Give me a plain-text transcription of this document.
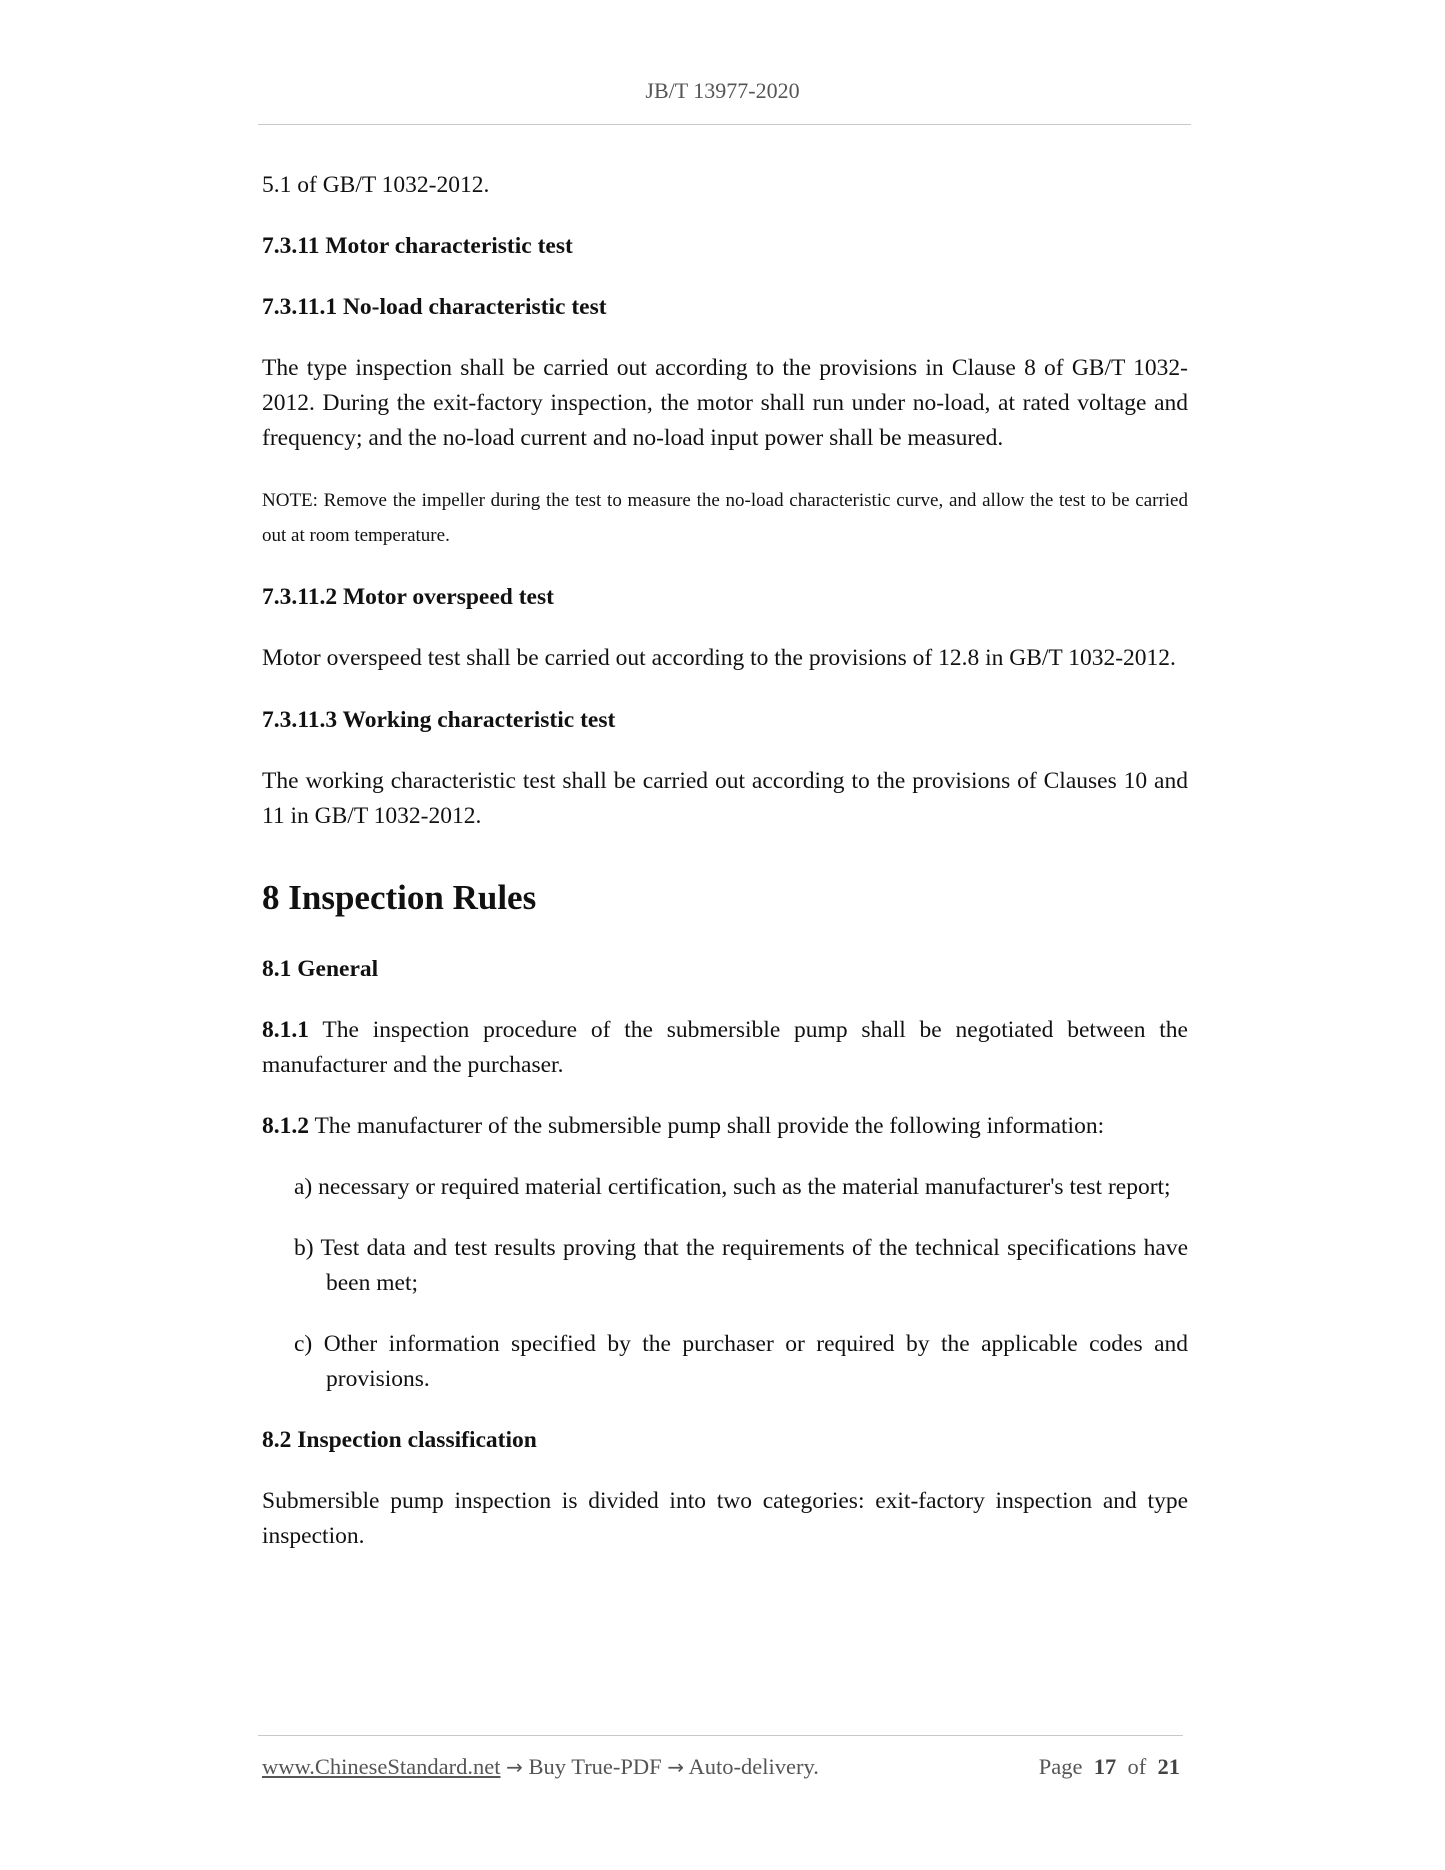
JB/T 13977-2020

5.1 of GB/T 1032-2012.

7.3.11 Motor characteristic test
7.3.11.1 No-load characteristic test

The type inspection shall be carried out according to the provisions in Clause 8 of GB/T 1032-2012. During the exit-factory inspection, the motor shall run under no-load, at rated voltage and frequency; and the no-load current and no-load input power shall be measured.

NOTE: Remove the impeller during the test to measure the no-load characteristic curve, and allow the test to be carried out at room temperature.

7.3.11.2 Motor overspeed test

Motor overspeed test shall be carried out according to the provisions of 12.8 in GB/T 1032-2012.

7.3.11.3 Working characteristic test

The working characteristic test shall be carried out according to the provisions of Clauses 10 and 11 in GB/T 1032-2012.

8 Inspection Rules
8.1 General

8.1.1 The inspection procedure of the submersible pump shall be negotiated between the manufacturer and the purchaser.

8.1.2 The manufacturer of the submersible pump shall provide the following information:

a) necessary or required material certification, such as the material manufacturer's test report;
b) Test data and test results proving that the requirements of the technical specifications have been met;
c) Other information specified by the purchaser or required by the applicable codes and provisions.
8.2 Inspection classification

Submersible pump inspection is divided into two categories: exit-factory inspection and type inspection.

www.ChineseStandard.net → Buy True-PDF → Auto-delivery.	Page 17 of 21
